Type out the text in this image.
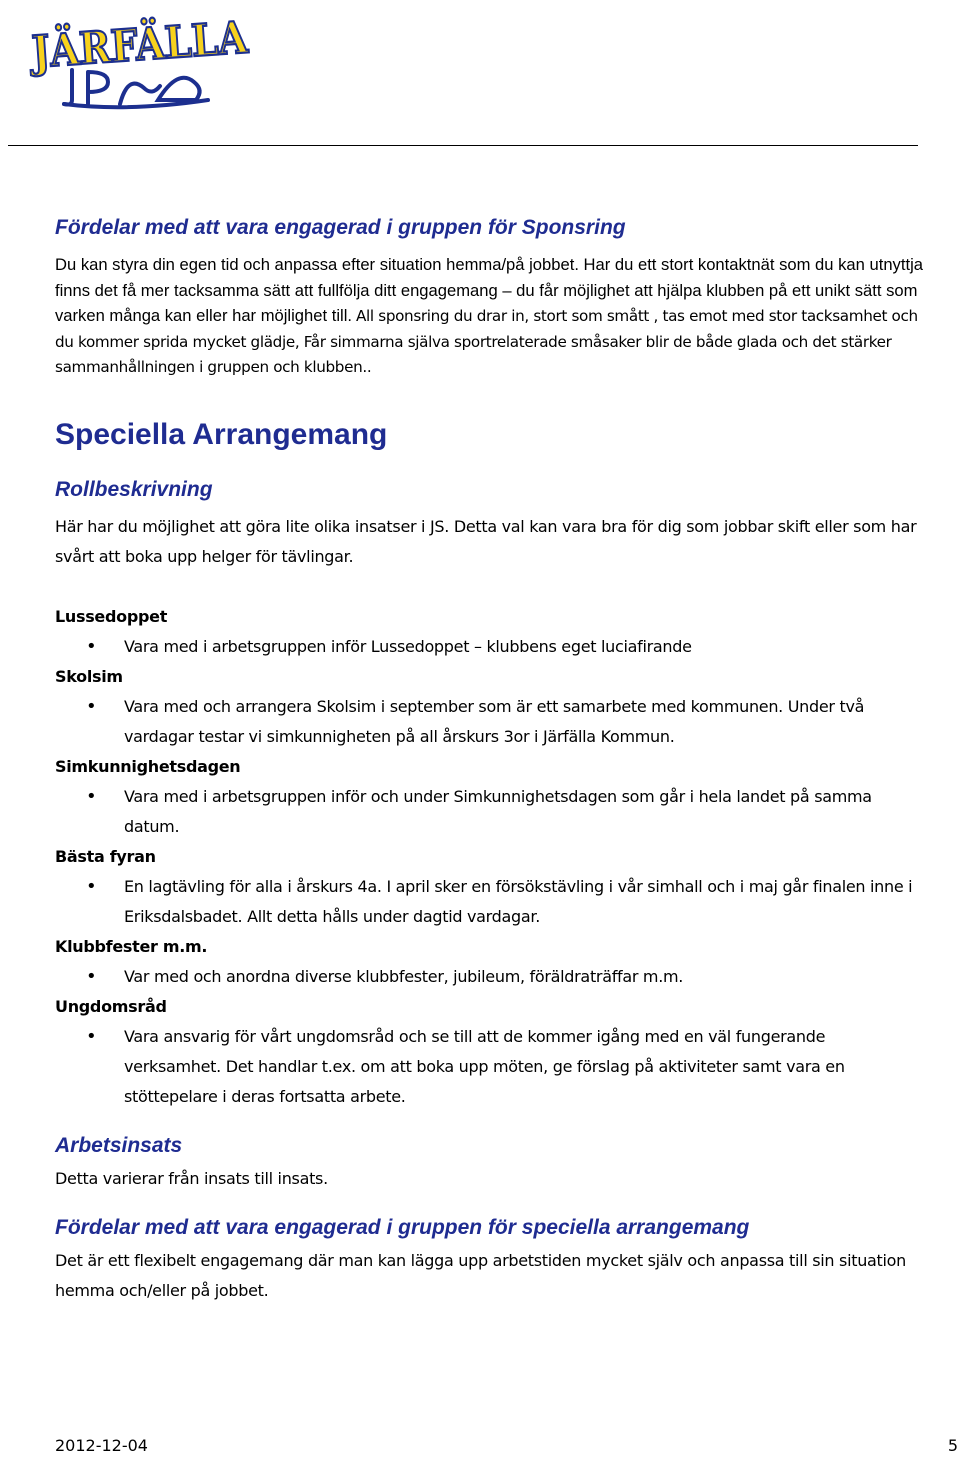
JÄRFÄLLA
Fördelar med att vara engagerad i gruppen för Sponsring

Du kan styra din egen tid och anpassa efter situation hemma/på jobbet. Har du ett stort kontaktnät som du kan utnyttja finns det få mer tacksamma sätt att fullfölja ditt engagemang – du får möjlighet att hjälpa klubben på ett unikt sätt som varken många kan eller har möjlighet till. All sponsring du drar in, stort som smått , tas emot med stor tacksamhet och du kommer sprida mycket glädje, Får simmarna själva sportrelaterade småsaker blir de både glada och det stärker sammanhållningen i gruppen och klubben..

Speciella Arrangemang
Rollbeskrivning

Här har du möjlighet att göra lite olika insatser i JS. Detta val kan vara bra för dig som jobbar skift eller som har svårt att boka upp helger för tävlingar.

Lussedoppet

• Vara med i arbetsgruppen inför Lussedoppet – klubbens eget luciafirande

Skolsim

• Vara med och arrangera Skolsim i september som är ett samarbete med kommunen. Under två vardagar testar vi simkunnigheten på all årskurs 3or i Järfälla Kommun.

Simkunnighetsdagen

• Vara med i arbetsgruppen inför och under Simkunnighetsdagen som går i hela landet på samma datum.

Bästa fyran

• En lagtävling för alla i årskurs 4a. I april sker en försökstävling i vår simhall och i maj går finalen inne i Eriksdalsbadet. Allt detta hålls under dagtid vardagar.

Klubbfester m.m.

• Var med och anordna diverse klubbfester, jubileum, föräldraträffar m.m.

Ungdomsråd

• Vara ansvarig för vårt ungdomsråd och se till att de kommer igång med en väl fungerande verksamhet. Det handlar t.ex. om att boka upp möten, ge förslag på aktiviteter samt vara en stöttepelare i deras fortsatta arbete.
Arbetsinsats

Detta varierar från insats till insats.

Fördelar med att vara engagerad i gruppen för speciella arrangemang

Det är ett flexibelt engagemang där man kan lägga upp arbetstiden mycket själv och anpassa till sin situation hemma och/eller på jobbet.

2012-12-04	5
